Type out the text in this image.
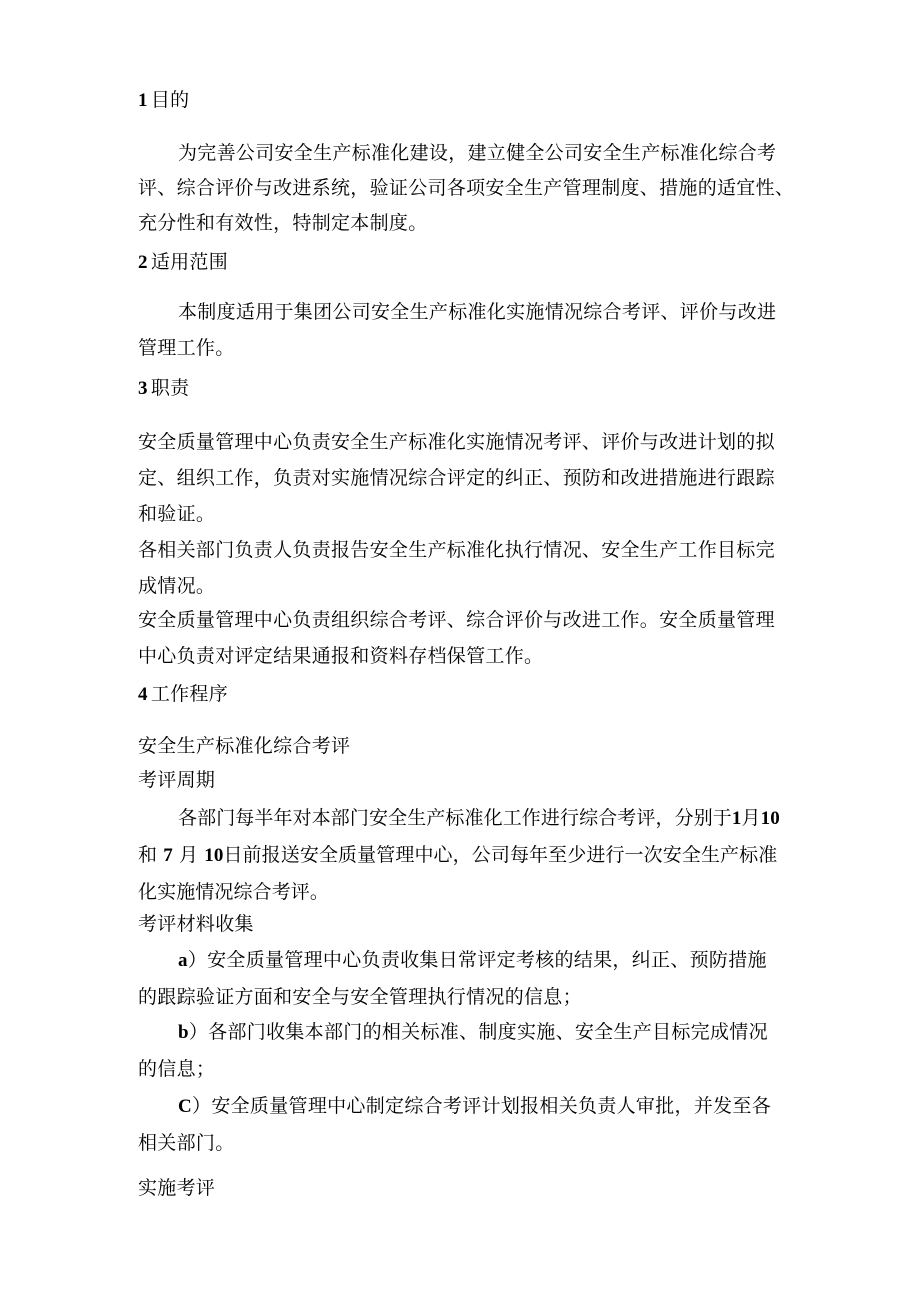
1 目的

为完善公司安全生产标准化建设，建立健全公司安全生产标准化综合考
评、综合评价与改进系统，验证公司各项安全生产管理制度、措施的适宜性、
充分性和有效性，特制定本制度。

2 适用范围

本制度适用于集团公司安全生产标准化实施情况综合考评、评价与改进
管理工作。

3 职责

安全质量管理中心负责安全生产标准化实施情况考评、评价与改进计划的拟
定、组织工作，负责对实施情况综合评定的纠正、预防和改进措施进行跟踪
和验证。

各相关部门负责人负责报告安全生产标准化执行情况、安全生产工作目标完
成情况。

安全质量管理中心负责组织综合考评、综合评价与改进工作。安全质量管理
中心负责对评定结果通报和资料存档保管工作。

4 工作程序

安全生产标准化综合考评

考评周期

各部门每半年对本部门安全生产标准化工作进行综合考评，分别于1月10
和 7 月 10日前报送安全质量管理中心，公司每年至少进行一次安全生产标准
化实施情况综合考评。

考评材料收集

a）安全质量管理中心负责收集日常评定考核的结果，纠正、预防措施
的跟踪验证方面和安全与安全管理执行情况的信息；

b）各部门收集本部门的相关标准、制度实施、安全生产目标完成情况
的信息；

C）安全质量管理中心制定综合考评计划报相关负责人审批，并发至各
相关部门。

实施考评
